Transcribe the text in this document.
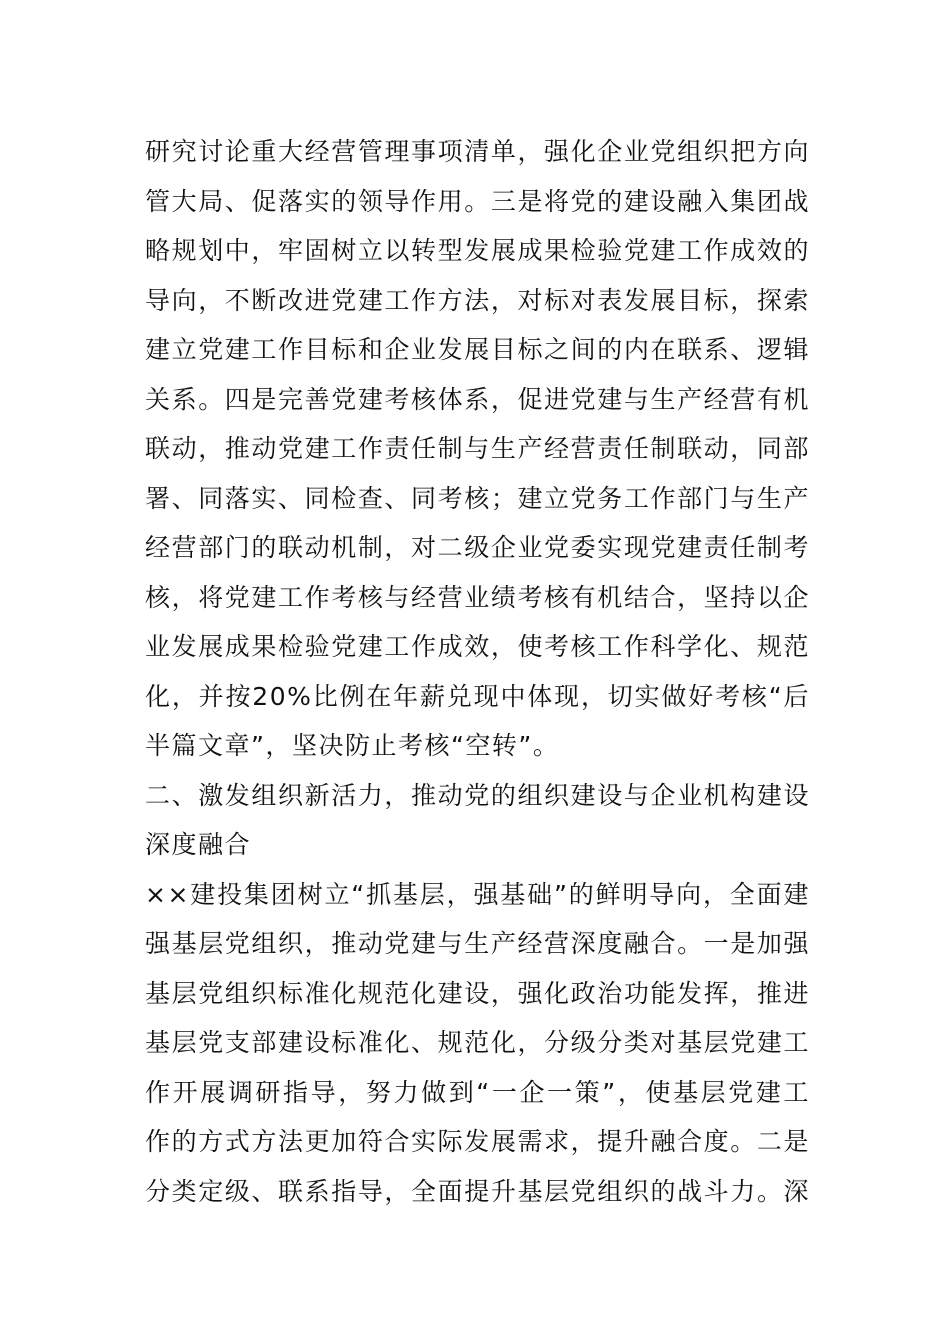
研究讨论重大经营管理事项清单，强化企业党组织把方向
管大局、促落实的领导作用。三是将党的建设融入集团战
略规划中，牢固树立以转型发展成果检验党建工作成效的
导向，不断改进党建工作方法，对标对表发展目标，探索
建立党建工作目标和企业发展目标之间的内在联系、逻辑
关系。四是完善党建考核体系，促进党建与生产经营有机
联动，推动党建工作责任制与生产经营责任制联动，同部
署、同落实、同检查、同考核；建立党务工作部门与生产
经营部门的联动机制，对二级企业党委实现党建责任制考
核，将党建工作考核与经营业绩考核有机结合，坚持以企
业发展成果检验党建工作成效，使考核工作科学化、规范
化，并按20%比例在年薪兑现中体现，切实做好考核“后
半篇文章”，坚决防止考核“空转”。
二、激发组织新活力，推动党的组织建设与企业机构建设
深度融合
××建投集团树立“抓基层，强基础”的鲜明导向，全面建
强基层党组织，推动党建与生产经营深度融合。一是加强
基层党组织标准化规范化建设，强化政治功能发挥，推进
基层党支部建设标准化、规范化，分级分类对基层党建工
作开展调研指导，努力做到“一企一策”，使基层党建工
作的方式方法更加符合实际发展需求，提升融合度。二是
分类定级、联系指导，全面提升基层党组织的战斗力。深
